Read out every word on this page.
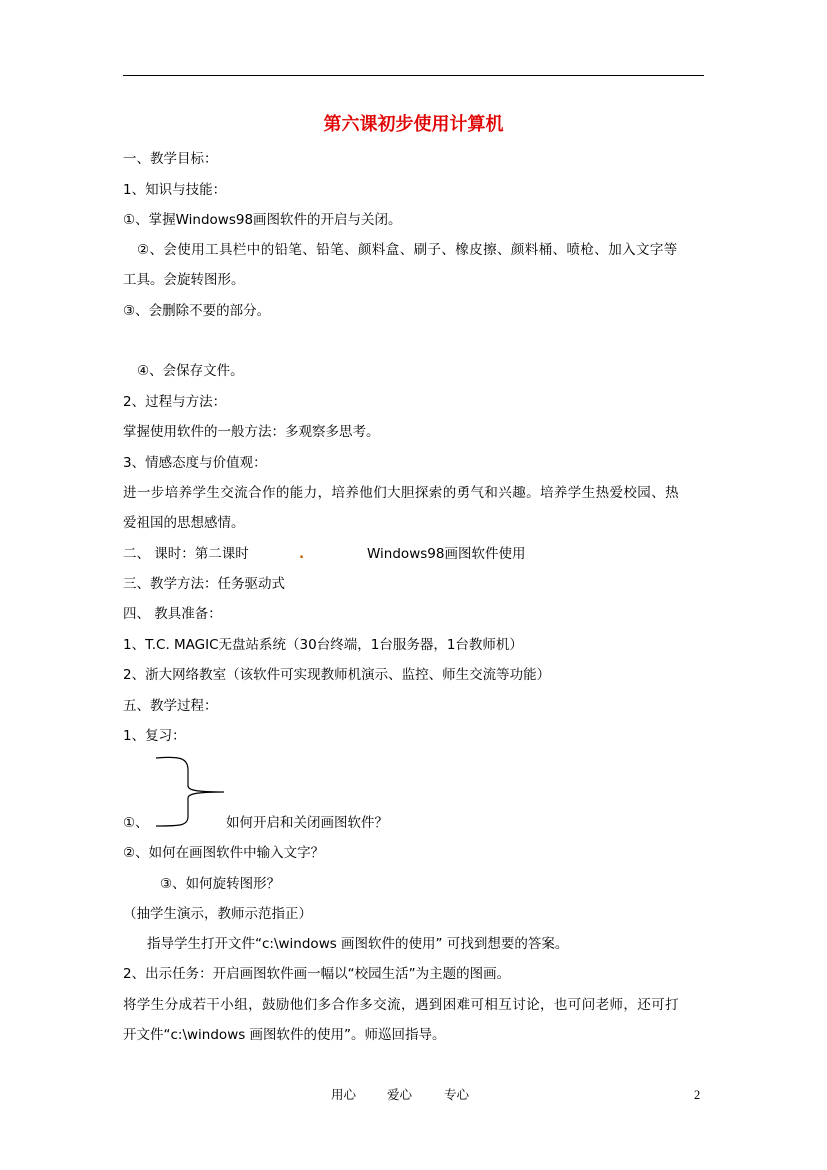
第六课初步使用计算机
一、教学目标：
1、知识与技能：
①、掌握Windows98画图软件的开启与关闭。
②、会使用工具栏中的铅笔、铅笔、颜料盒、刷子、橡皮擦、颜料桶、喷枪、加入文字等
工具。会旋转图形。
③、会删除不要的部分。
④、会保存文件。
2、过程与方法：
掌握使用软件的一般方法：多观察多思考。
3、情感态度与价值观：
进一步培养学生交流合作的能力，培养他们大胆探索的勇气和兴趣。培养学生热爱校园、热
爱祖国的思想感情。
二、 课时：第二课时	.	Windows98画图软件使用
三、教学方法：任务驱动式
四、 教具准备：
1、T.C. MAGIC无盘站系统（30台终端，1台服务器，1台教师机）
2、浙大网络教室（该软件可实现教师机演示、监控、师生交流等功能）
五、教学过程：
1、复习：
①、	如何开启和关闭画图软件？
②、如何在画图软件中输入文字？
③、如何旋转图形？
（抽学生演示，教师示范指正）
指导学生打开文件“c:\windows 画图软件的使用” 可找到想要的答案。
2、出示任务：开启画图软件画一幅以“校园生活”为主题的图画。
将学生分成若干小组，鼓励他们多合作多交流，遇到困难可相互讨论，也可问老师，还可打
开文件“c:\windows 画图软件的使用”。师巡回指导。
用心 爱心	专心	2
